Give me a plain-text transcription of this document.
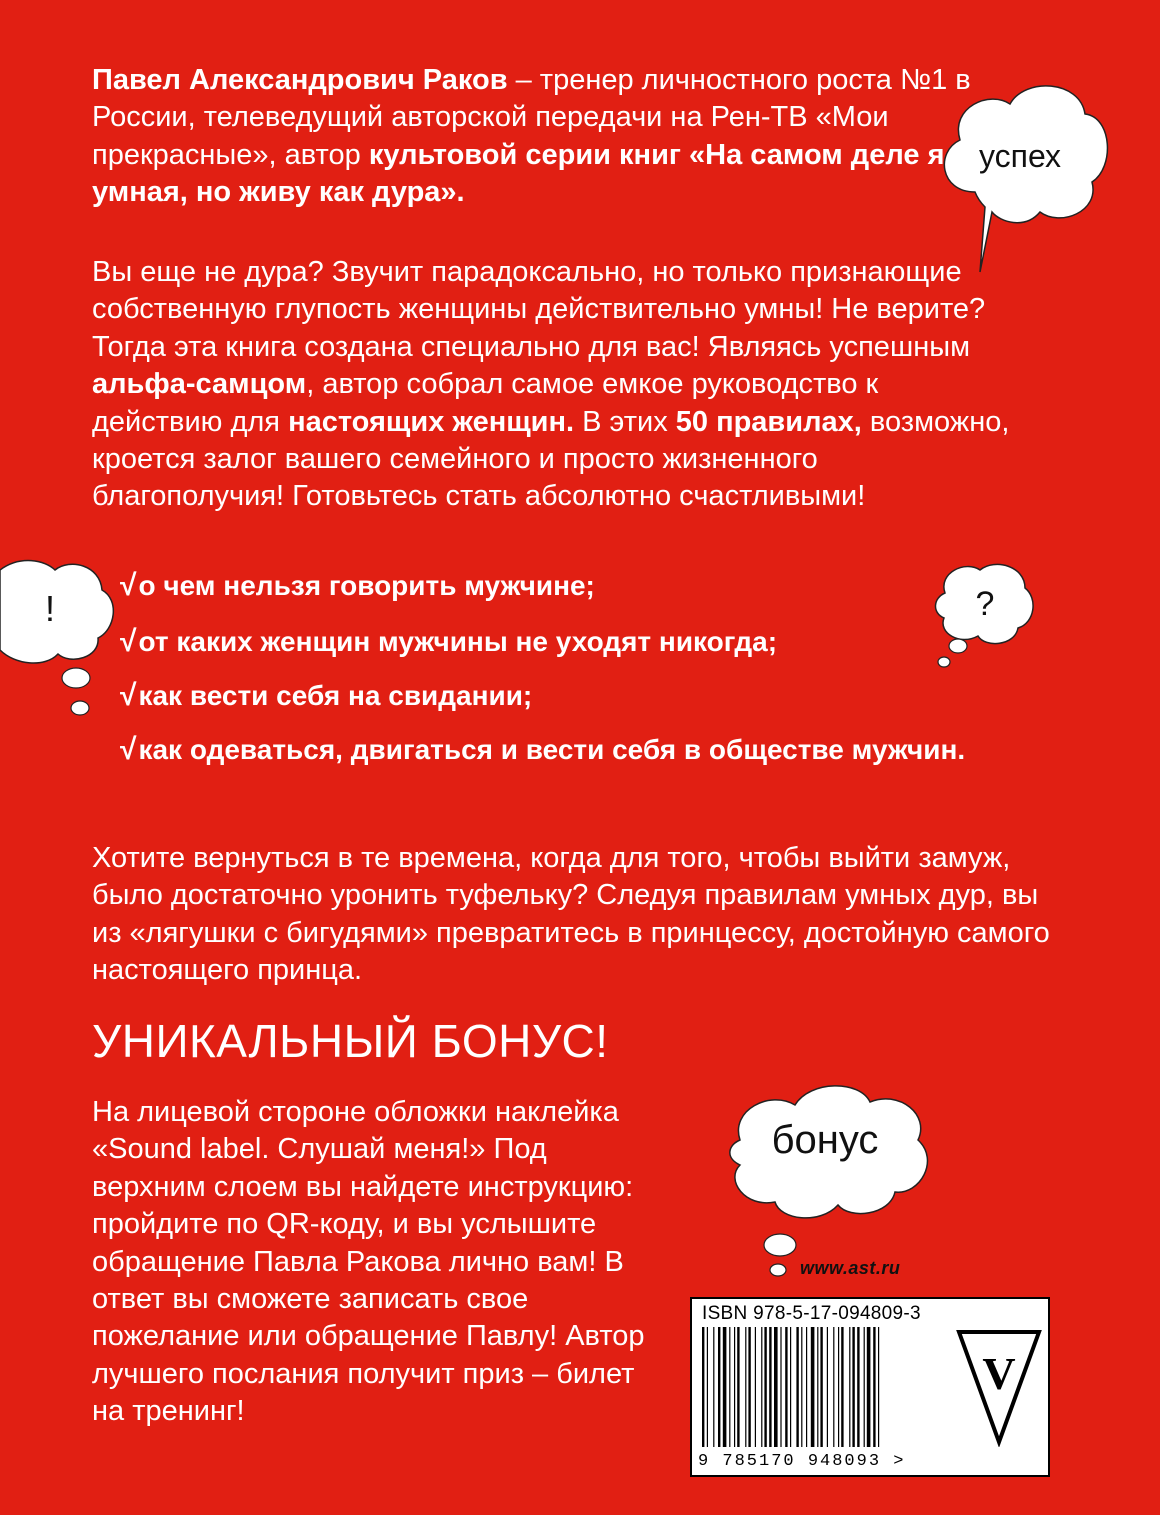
Павел Александрович Раков – тренер личностного роста №1 в России, телеведущий авторской передачи на Рен-ТВ «Мои прекрасные», автор культовой серии книг «На самом деле я умная, но живу как дура».

успех

Вы еще не дура? Звучит парадоксально, но только признающие собственную глупость женщины действительно умны! Не верите? Тогда эта книга создана специально для вас! Являясь успешным альфа-самцом, автор собрал самое емкое руководство к действию для настоящих женщин. В этих 50 правилах, возможно, кроется залог вашего семейного и просто жизненного благополучия! Готовьтесь стать абсолютно счастливыми!

!	?
√о чем нельзя говорить мужчине;
√от каких женщин мужчины не уходят никогда;
√как вести себя на свидании;
√как одеваться, двигаться и вести себя в обществе мужчин.

Хотите вернуться в те времена, когда для того, чтобы выйти замуж, было достаточно уронить туфельку? Следуя правилам умных дур, вы из «лягушки с бигудями» превратитесь в принцессу, достойную самого настоящего принца.

УНИКАЛЬНЫЙ БОНУС!

На лицевой стороне обложки наклейка «Sound label. Слушай меня!» Под верхним слоем вы найдете инструкцию: пройдите по QR-коду, и вы услышите обращение Павла Ракова лично вам! В ответ вы сможете записать свое пожелание или обращение Павлу! Автор лучшего послания получит приз – билет на тренинг!

бонус
www.ast.ru
ISBN 978-5-17-094809-3
V
9 785170 948093 >
